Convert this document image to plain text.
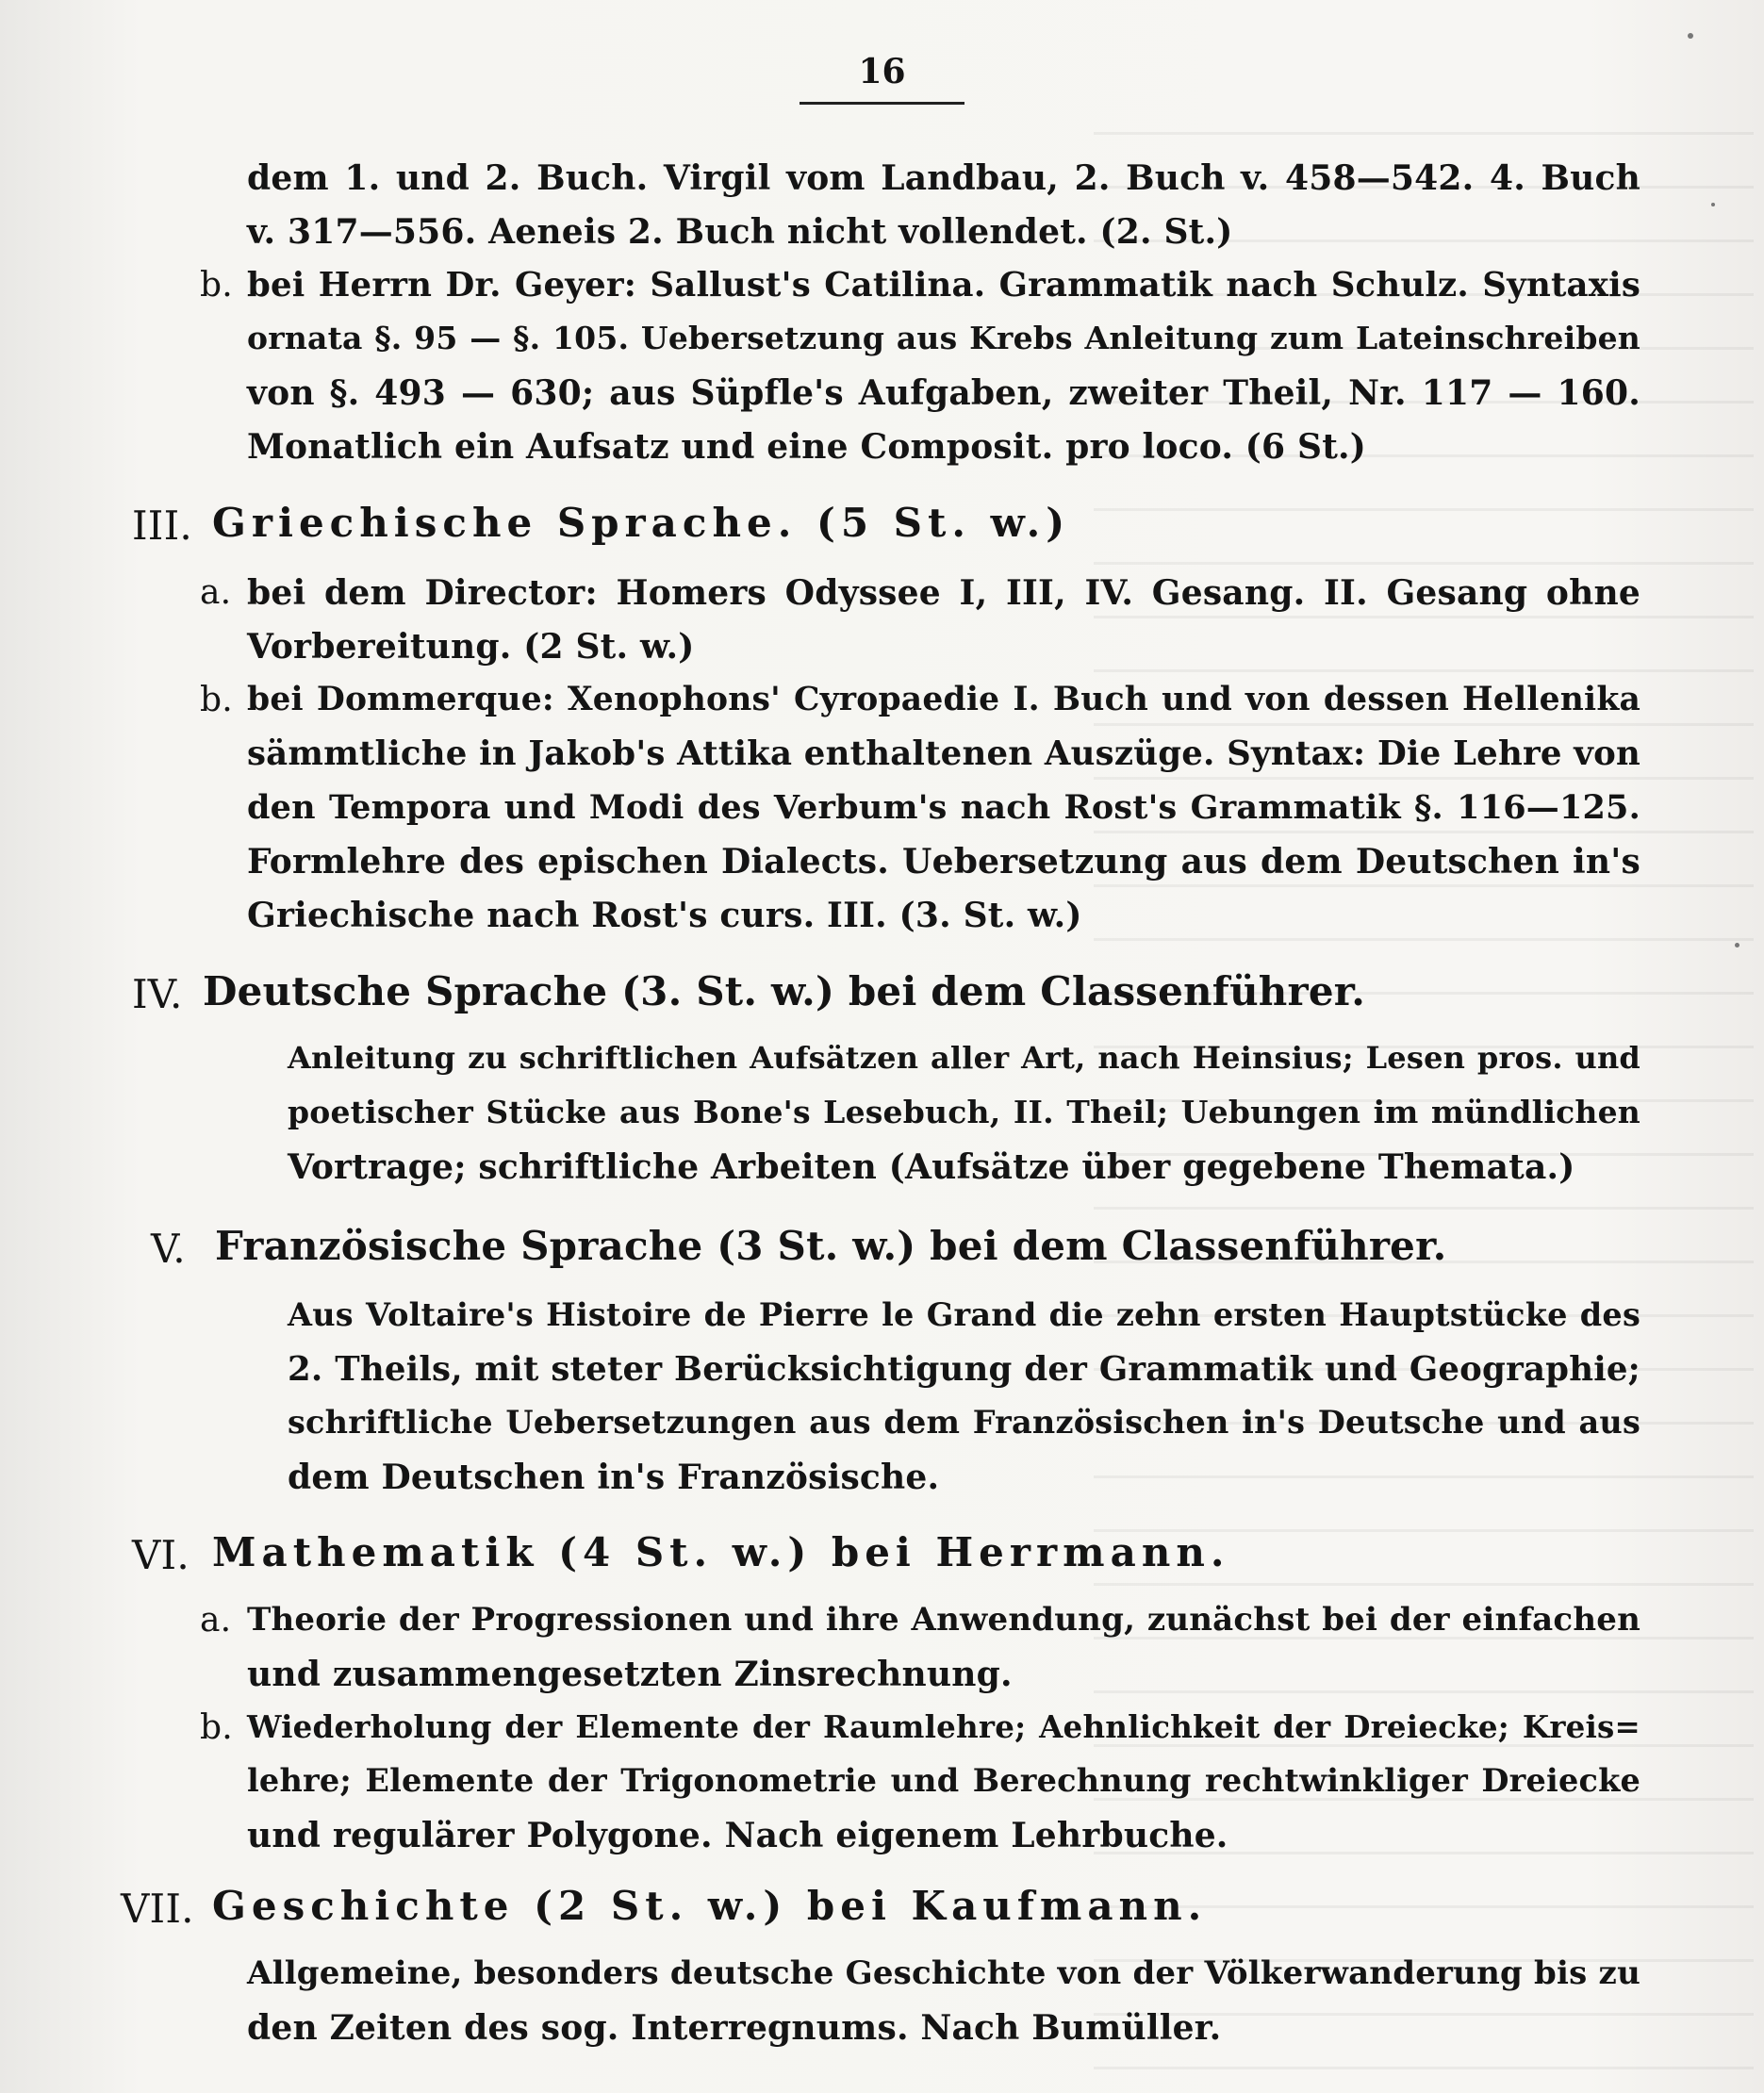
16
dem 1. und 2. Buch. Virgil vom Landbau, 2. Buch v. 458—542. 4. Buch
v. 317—556. Aeneis 2. Buch nicht vollendet. (2. St.)
b. bei Herrn Dr. Geyer: Sallust's Catilina. Grammatik nach Schulz. Syntaxis
ornata §. 95 — §. 105. Uebersetzung aus Krebs Anleitung zum Lateinschreiben
von §. 493 — 630; aus Süpfle's Aufgaben, zweiter Theil, Nr. 117 — 160.
Monatlich ein Aufsatz und eine Composit. pro loco. (6 St.)
III. Griechische Sprache. (5 St. w.)
a. bei dem Director: Homers Odyssee I, III, IV. Gesang. II. Gesang ohne
Vorbereitung. (2 St. w.)
b. bei Dommerque: Xenophons' Cyropaedie I. Buch und von dessen Hellenika
sämmtliche in Jakob's Attika enthaltenen Auszüge. Syntax: Die Lehre von
den Tempora und Modi des Verbum's nach Rost's Grammatik §. 116—125.
Formlehre des epischen Dialects. Uebersetzung aus dem Deutschen in's
Griechische nach Rost's curs. III. (3. St. w.)
IV. Deutsche Sprache (3. St. w.) bei dem Classenführer.
Anleitung zu schriftlichen Aufsätzen aller Art, nach Heinsius; Lesen pros. und
poetischer Stücke aus Bone's Lesebuch, II. Theil; Uebungen im mündlichen
Vortrage; schriftliche Arbeiten (Aufsätze über gegebene Themata.)
V. Französische Sprache (3 St. w.) bei dem Classenführer.
Aus Voltaire's Histoire de Pierre le Grand die zehn ersten Hauptstücke des
2. Theils, mit steter Berücksichtigung der Grammatik und Geographie;
schriftliche Uebersetzungen aus dem Französischen in's Deutsche und aus
dem Deutschen in's Französische.
VI. Mathematik (4 St. w.) bei Herrmann.
a. Theorie der Progressionen und ihre Anwendung, zunächst bei der einfachen
und zusammengesetzten Zinsrechnung.
b. Wiederholung der Elemente der Raumlehre; Aehnlichkeit der Dreiecke; Kreis=
lehre; Elemente der Trigonometrie und Berechnung rechtwinkliger Dreiecke
und regulärer Polygone. Nach eigenem Lehrbuche.
VII. Geschichte (2 St. w.) bei Kaufmann.
Allgemeine, besonders deutsche Geschichte von der Völkerwanderung bis zu
den Zeiten des sog. Interregnums. Nach Bumüller.
